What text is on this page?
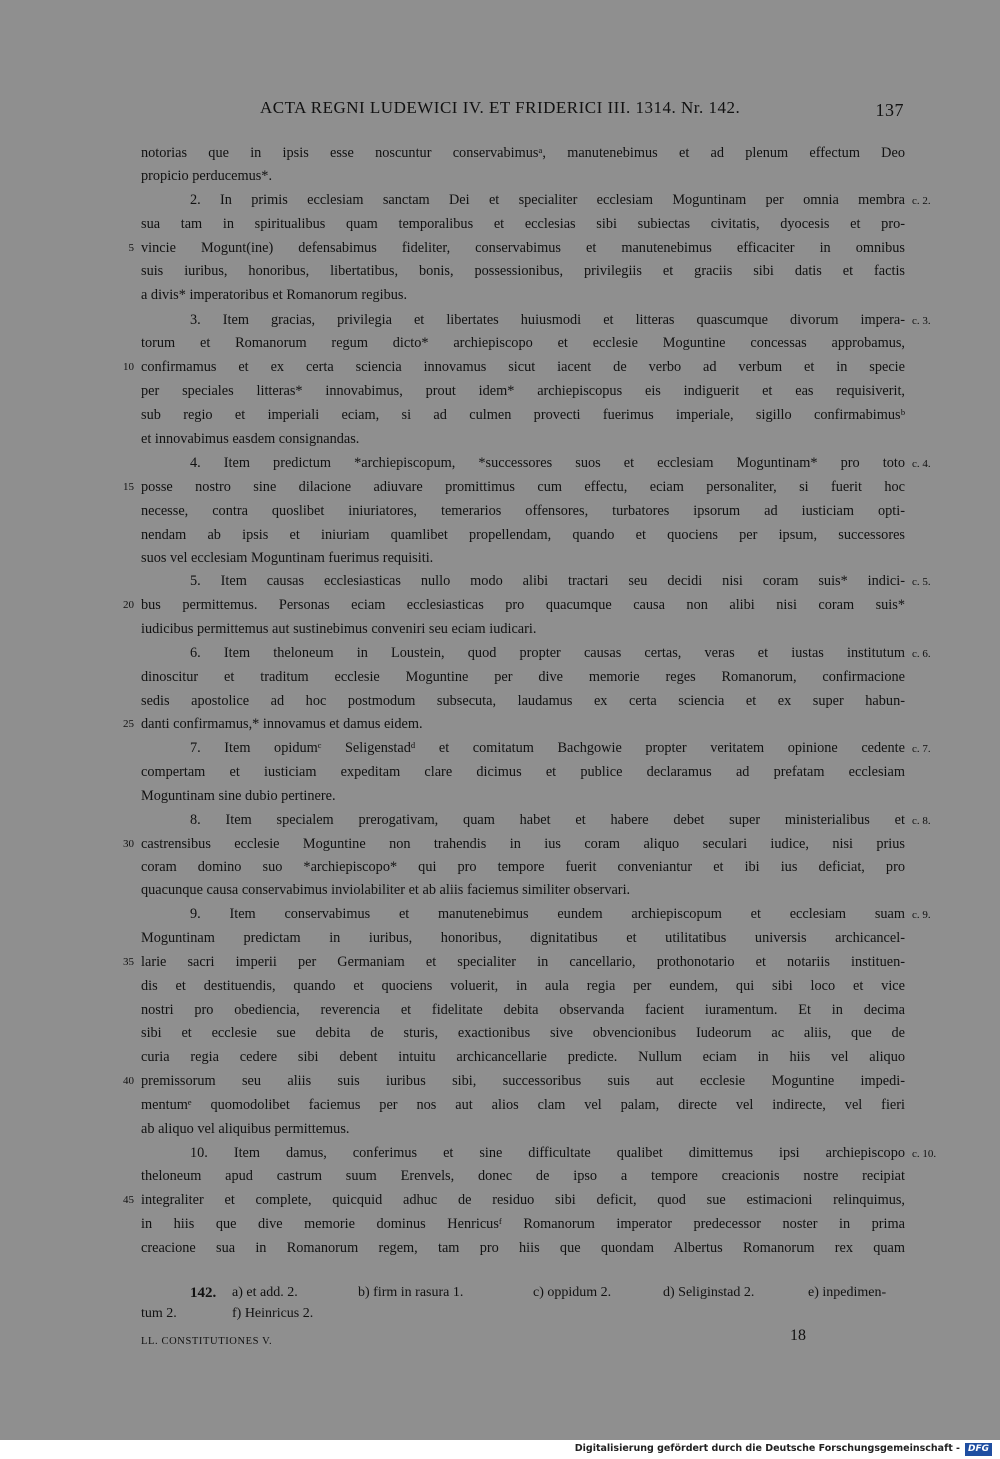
ACTA REGNI LUDEWICI IV. ET FRIDERICI III. 1314. Nr. 142.	137
notorias que in ipsis esse noscuntur conservabimusᵃ, manutenebimus et ad plenum effectum Deo
propicio perducemus*.
2. In primis ecclesiam sanctam Dei et specialiter ecclesiam Moguntinam per omnia membra
sua tam in spiritualibus quam temporalibus et ecclesias sibi subiectas civitatis, dyocesis et pro-
vincie Mogunt(ine) defensabimus fideliter, conservabimus et manutenebimus efficaciter in omnibus
suis iuribus, honoribus, libertatibus, bonis, possessionibus, privilegiis et graciis sibi datis et factis
a divis* imperatoribus et Romanorum regibus.
3. Item gracias, privilegia et libertates huiusmodi et litteras quascumque divorum impera-
torum et Romanorum regum dicto* archiepiscopo et ecclesie Moguntine concessas approbamus,
confirmamus et ex certa sciencia innovamus sicut iacent de verbo ad verbum et in specie
per speciales litteras* innovabimus, prout idem* archiepiscopus eis indiguerit et eas requisiverit,
sub regio et imperiali eciam, si ad culmen provecti fuerimus imperiale, sigillo confirmabimusᵇ
et innovabimus easdem consignandas.
4. Item predictum *archiepiscopum, *successores suos et ecclesiam Moguntinam* pro toto
posse nostro sine dilacione adiuvare promittimus cum effectu, eciam personaliter, si fuerit hoc
necesse, contra quoslibet iniuriatores, temerarios offensores, turbatores ipsorum ad iusticiam opti-
nendam ab ipsis et iniuriam quamlibet propellendam, quando et quociens per ipsum, successores
suos vel ecclesiam Moguntinam fuerimus requisiti.
5. Item causas ecclesiasticas nullo modo alibi tractari seu decidi nisi coram suis* indici-
bus permittemus. Personas eciam ecclesiasticas pro quacumque causa non alibi nisi coram suis*
iudicibus permittemus aut sustinebimus conveniri seu eciam iudicari.
6. Item theloneum in Loustein, quod propter causas certas, veras et iustas institutum
dinoscitur et traditum ecclesie Moguntine per dive memorie reges Romanorum, confirmacione
sedis apostolice ad hoc postmodum subsecuta, laudamus ex certa sciencia et ex super habun-
danti confirmamus,* innovamus et damus eidem.
7. Item opidumᶜ Seligenstadᵈ et comitatum Bachgowie propter veritatem opinione cedente
compertam et iusticiam expeditam clare dicimus et publice declaramus ad prefatam ecclesiam
Moguntinam sine dubio pertinere.
8. Item specialem prerogativam, quam habet et habere debet super ministerialibus et
castrensibus ecclesie Moguntine non trahendis in ius coram aliquo seculari iudice, nisi prius
coram domino suo *archiepiscopo* qui pro tempore fuerit conveniantur et ibi ius deficiat, pro
quacunque causa conservabimus inviolabiliter et ab aliis faciemus similiter observari.
9. Item conservabimus et manutenebimus eundem archiepiscopum et ecclesiam suam
Moguntinam predictam in iuribus, honoribus, dignitatibus et utilitatibus universis archicancel-
larie sacri imperii per Germaniam et specialiter in cancellario, prothonotario et notariis instituen-
dis et destituendis, quando et quociens voluerit, in aula regia per eundem, qui sibi loco et vice
nostri pro obediencia, reverencia et fidelitate debita observanda facient iuramentum. Et in decima
sibi et ecclesie sue debita de sturis, exactionibus sive obvencionibus Iudeorum ac aliis, que de
curia regia cedere sibi debent intuitu archicancellarie predicte. Nullum eciam in hiis vel aliquo
premissorum seu aliis suis iuribus sibi, successoribus suis aut ecclesie Moguntine impedi-
mentumᵉ quomodolibet faciemus per nos aut alios clam vel palam, directe vel indirecte, vel fieri
ab aliquo vel aliquibus permittemus.
10. Item damus, conferimus et sine difficultate qualibet dimittemus ipsi archiepiscopo
theloneum apud castrum suum Erenvels, donec de ipso a tempore creacionis nostre recipiat
integraliter et complete, quicquid adhuc de residuo sibi deficit, quod sue estimacioni relinquimus,
in hiis que dive memorie dominus Henricusᶠ Romanorum imperator predecessor noster in prima
creacione sua in Romanorum regem, tam pro hiis que quondam Albertus Romanorum rex quam
5
10
15
20
25
30
35
40
45
c. 2.
c. 3.
c. 4.
c. 5.
c. 6.
c. 7.
c. 8.
c. 9.
c. 10.
142. a) et add. 2.	b) firm in rasura 1.	c) oppidum 2.	d) Seliginstad 2.	e) inpedimen-
tum 2.	f) Heinricus 2.
LL. CONSTITUTIONES V.	18
Digitalisierung gefördert durch die Deutsche Forschungsgemeinschaft - DFG
